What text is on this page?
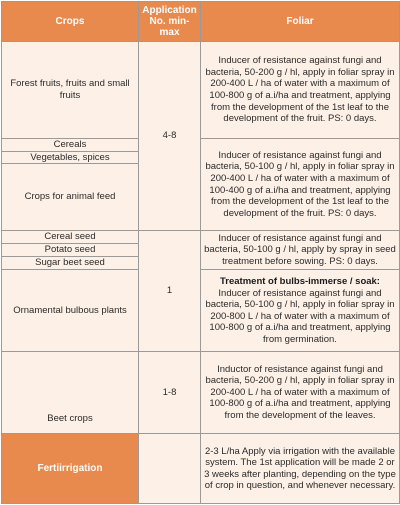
Crops	Application
No. min-
max	Foliar
Forest fruits, fruits and small fruits	4-8	Inducer of resistance against fungi and bacteria, 50-200 g / hl, apply in foliar spray in 200-400 L / ha of water with a maximum of 100-800 g of a.i/ha and treatment, applying from the development of the 1st leaf to the development of the fruit. PS: 0 days.
Cereals		Inducer of resistance against fungi and bacteria, 50-100 g / hl, apply in foliar spray in 200-400 L / ha of water with a maximum of 100-400 g of a.i/ha and treatment, applying from the development of the 1st leaf to the development of the fruit. PS: 0 days.
Vegetables, spices		
Crops for animal feed		
Cereal seed	1	Inducer of resistance against fungi and bacteria, 50-100 g / hl, apply by spray in seed treatment before sowing. PS: 0 days.
Potato seed		
Sugar beet seed		
Ornamental bulbous plants		Treatment of bulbs-immerse / soak:
Inducer of resistance against fungi and bacteria, 50-100 g / hl, apply in foliar spray in 200-800 L / ha of water with a maximum of 100-800 g of a.i/ha and treatment, applying from germination.

Beet crops	1-8	Inductor of resistance against fungi and bacteria, 50-200 g / hl, apply in foliar spray in 200-400 L / ha of water with a maximum of 100-800 g of a.i/ha and treatment, applying from the development of the leaves.
Fertiirrigation		2-3 L/ha Apply via irrigation with the available system. The 1st application will be made 2 or 3 weeks after planting, depending on the type of crop in question, and whenever necessary.
